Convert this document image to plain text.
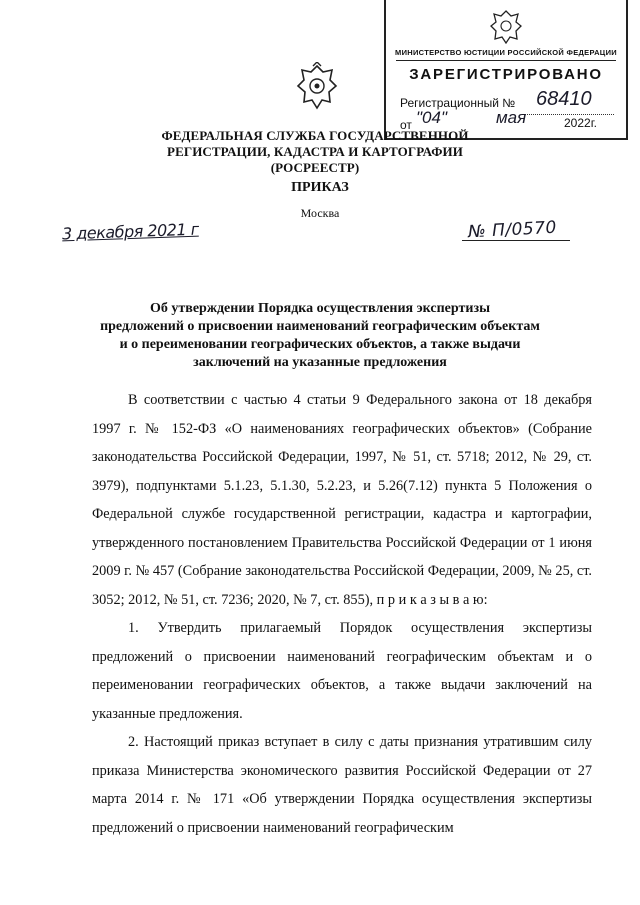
МИНИСТЕРСТВО ЮСТИЦИИ РОССИЙСКОЙ ФЕДЕРАЦИИ
ЗАРЕГИСТРИРОВАНО
Регистрационный № 68410
от "04"	мая	2022г.
ФЕДЕРАЛЬНАЯ СЛУЖБА ГОСУДАРСТВЕННОЙ
РЕГИСТРАЦИИ, КАДАСТРА И КАРТОГРАФИИ
(РОСРЕЕСТР)
ПРИКАЗ
Москва
3 декабря 2021 г	№ П/0570
Об утверждении Порядка осуществления экспертизы
предложений о присвоении наименований географическим объектам
и о переименовании географических объектов, а также выдачи
заключений на указанные предложения

В соответствии с частью 4 статьи 9 Федерального закона от 18 декабря 1997 г. № 152-ФЗ «О наименованиях географических объектов» (Собрание законодательства Российской Федерации, 1997, № 51, ст. 5718; 2012, № 29, ст. 3979), подпунктами 5.1.23, 5.1.30, 5.2.23, и 5.26(7.12) пункта 5 Положения о Федеральной службе государственной регистрации, кадастра и картографии, утвержденного постановлением Правительства Российской Федерации от 1 июня 2009 г. № 457 (Собрание законодательства Российской Федерации, 2009, № 25, ст. 3052; 2012, № 51, ст. 7236; 2020, № 7, ст. 855), п р и к а з ы в а ю:

1. Утвердить прилагаемый Порядок осуществления экспертизы предложений о присвоении наименований географическим объектам и о переименовании географических объектов, а также выдачи заключений на указанные предложения.

2. Настоящий приказ вступает в силу с даты признания утратившим силу приказа Министерства экономического развития Российской Федерации от 27 марта 2014 г. № 171 «Об утверждении Порядка осуществления экспертизы предложений о присвоении наименований географическим
